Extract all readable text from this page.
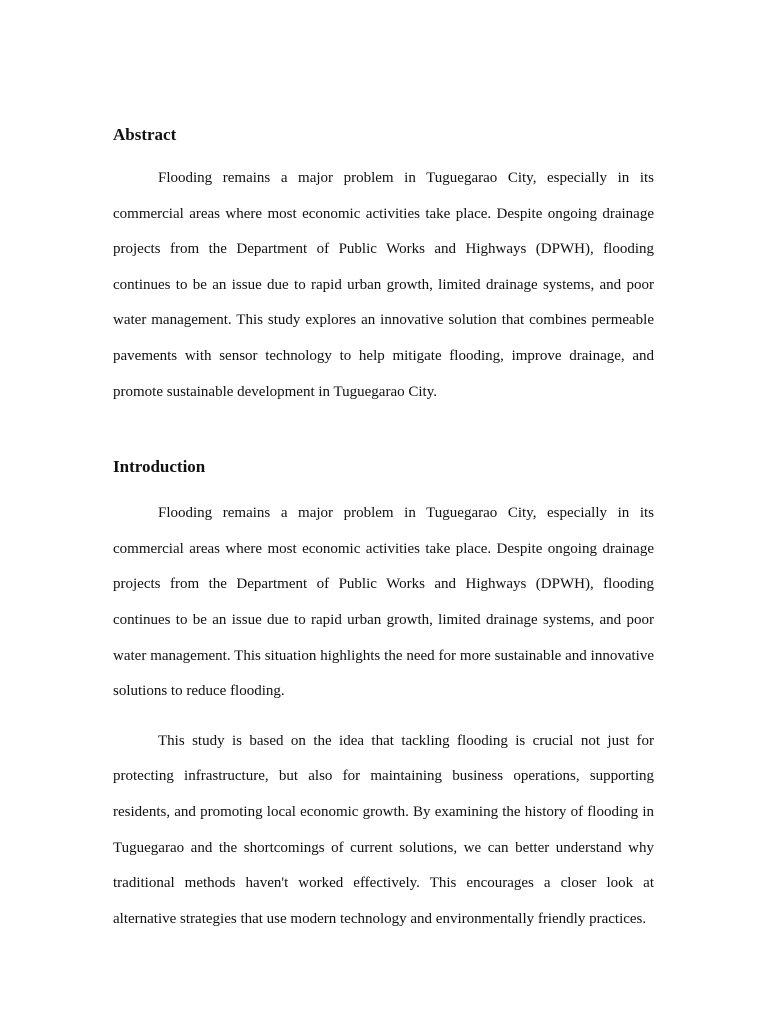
Abstract

Flooding remains a major problem in Tuguegarao City, especially in its commercial areas where most economic activities take place. Despite ongoing drainage projects from the Department of Public Works and Highways (DPWH), flooding continues to be an issue due to rapid urban growth, limited drainage systems, and poor water management. This study explores an innovative solution that combines permeable pavements with sensor technology to help mitigate flooding, improve drainage, and promote sustainable development in Tuguegarao City.

Introduction

Flooding remains a major problem in Tuguegarao City, especially in its commercial areas where most economic activities take place. Despite ongoing drainage projects from the Department of Public Works and Highways (DPWH), flooding continues to be an issue due to rapid urban growth, limited drainage systems, and poor water management. This situation highlights the need for more sustainable and innovative solutions to reduce flooding.

This study is based on the idea that tackling flooding is crucial not just for protecting infrastructure, but also for maintaining business operations, supporting residents, and promoting local economic growth. By examining the history of flooding in Tuguegarao and the shortcomings of current solutions, we can better understand why traditional methods haven't worked effectively. This encourages a closer look at alternative strategies that use modern technology and environmentally friendly practices.
